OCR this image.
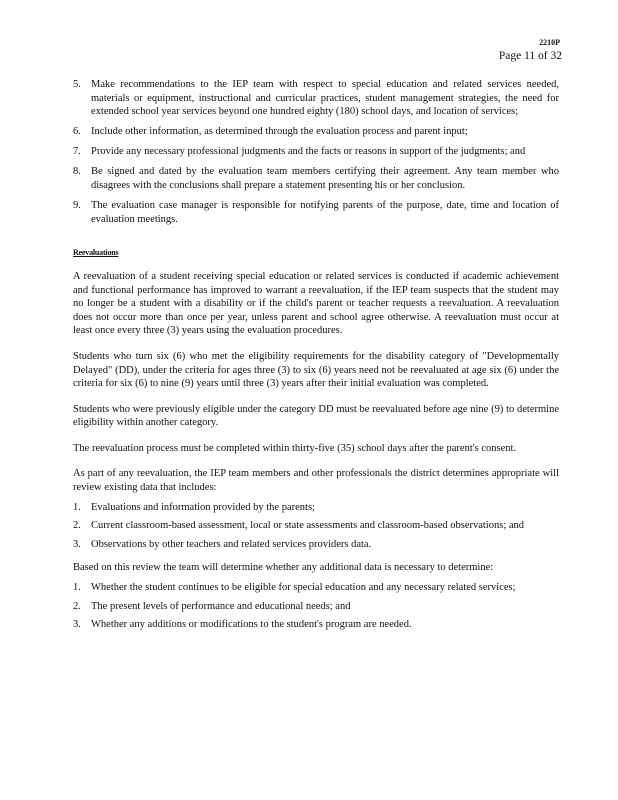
2210P
Page 11 of 32
5. Make recommendations to the IEP team with respect to special education and related services needed, materials or equipment, instructional and curricular practices, student management strategies, the need for extended school year services beyond one hundred eighty (180) school days, and location of services;
6. Include other information, as determined through the evaluation process and parent input;
7. Provide any necessary professional judgments and the facts or reasons in support of the judgments; and
8. Be signed and dated by the evaluation team members certifying their agreement. Any team member who disagrees with the conclusions shall prepare a statement presenting his or her conclusion.
9. The evaluation case manager is responsible for notifying parents of the purpose, date, time and location of evaluation meetings.
Reevaluations

A reevaluation of a student receiving special education or related services is conducted if academic achievement and functional performance has improved to warrant a reevaluation, if the IEP team suspects that the student may no longer be a student with a disability or if the child's parent or teacher requests a reevaluation. A reevaluation does not occur more than once per year, unless parent and school agree otherwise. A reevaluation must occur at least once every three (3) years using the evaluation procedures.

Students who turn six (6) who met the eligibility requirements for the disability category of "Developmentally Delayed" (DD), under the criteria for ages three (3) to six (6) years need not be reevaluated at age six (6) under the criteria for six (6) to nine (9) years until three (3) years after their initial evaluation was completed.

Students who were previously eligible under the category DD must be reevaluated before age nine (9) to determine eligibility within another category.

The reevaluation process must be completed within thirty-five (35) school days after the parent's consent.

As part of any reevaluation, the IEP team members and other professionals the district determines appropriate will review existing data that includes:

1. Evaluations and information provided by the parents;
2. Current classroom-based assessment, local or state assessments and classroom-based observations; and
3. Observations by other teachers and related services providers data.

Based on this review the team will determine whether any additional data is necessary to determine:

1. Whether the student continues to be eligible for special education and any necessary related services;
2. The present levels of performance and educational needs; and
3. Whether any additions or modifications to the student's program are needed.
